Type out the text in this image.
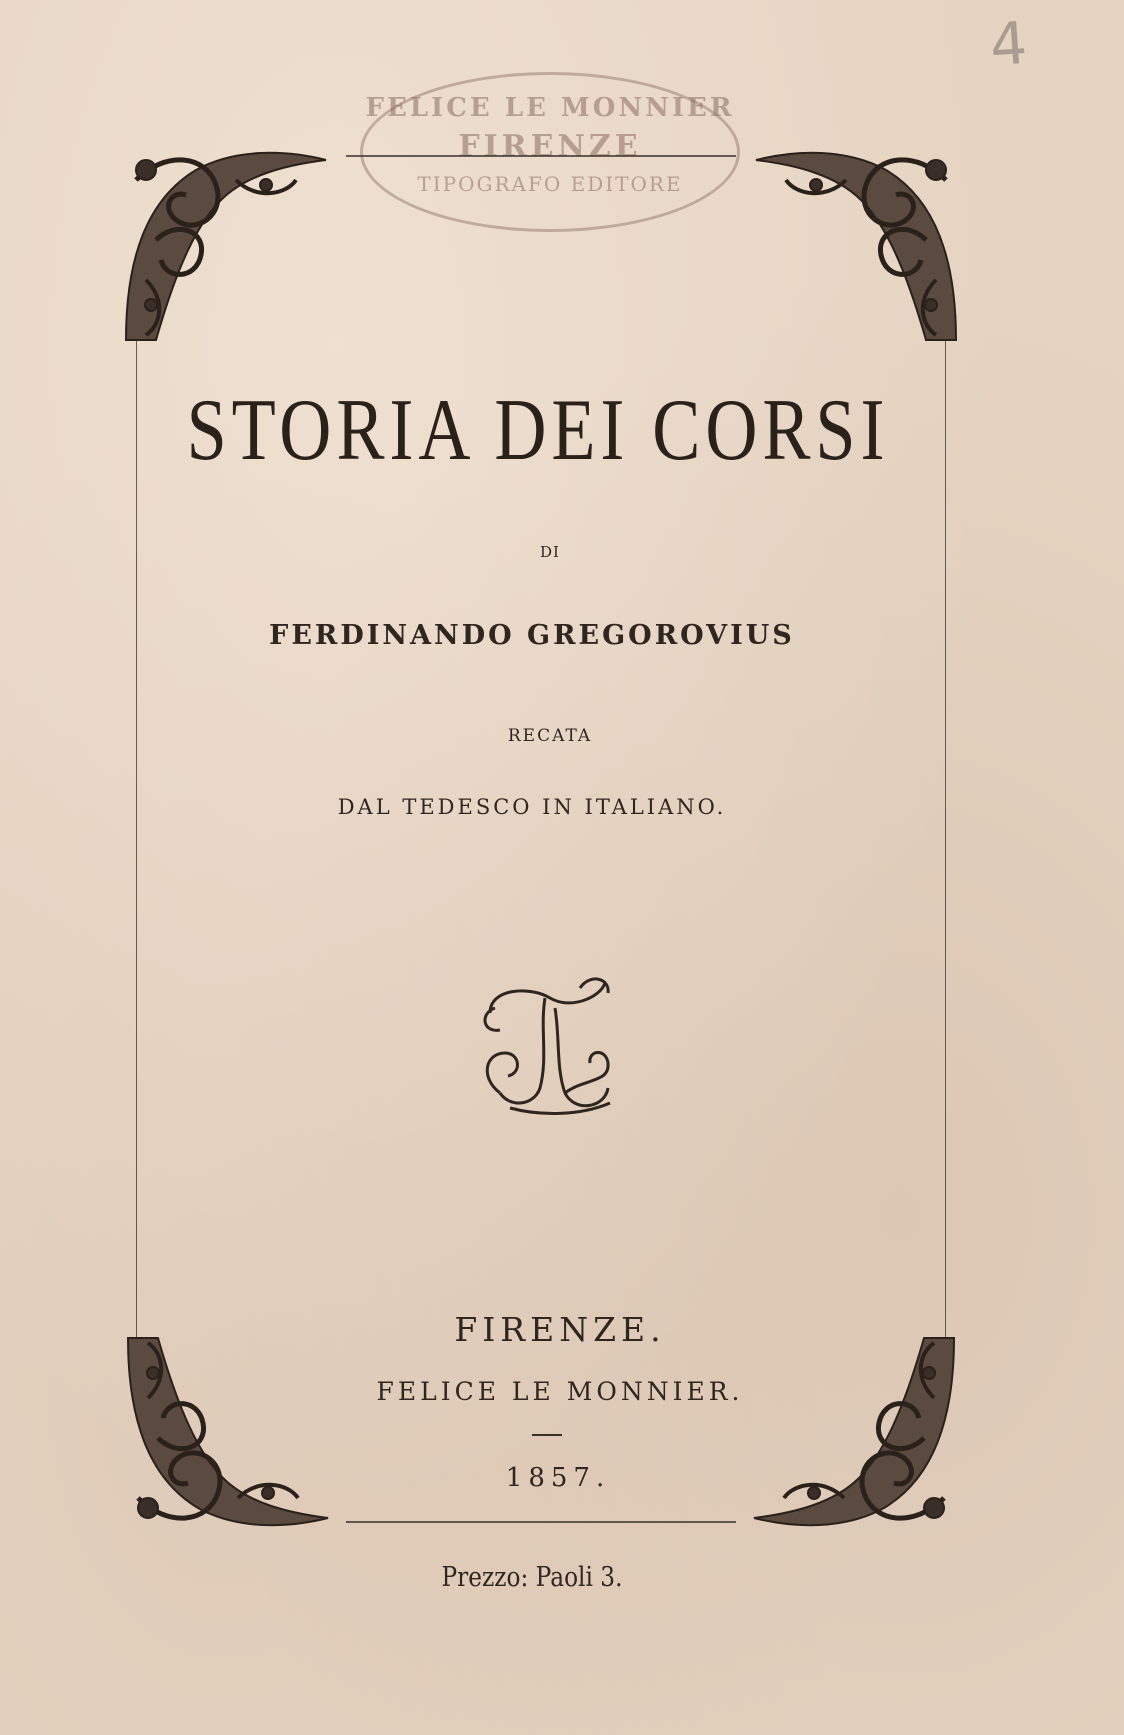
4
FELICE LE MONNIER
FIRENZE
TIPOGRAFO EDITORE
STORIA DEI CORSI
DI
FERDINANDO GREGOROVIUS
RECATA
DAL TEDESCO IN ITALIANO.
FIRENZE.
FELICE LE MONNIER.
1857.
Prezzo: Paoli 3.
